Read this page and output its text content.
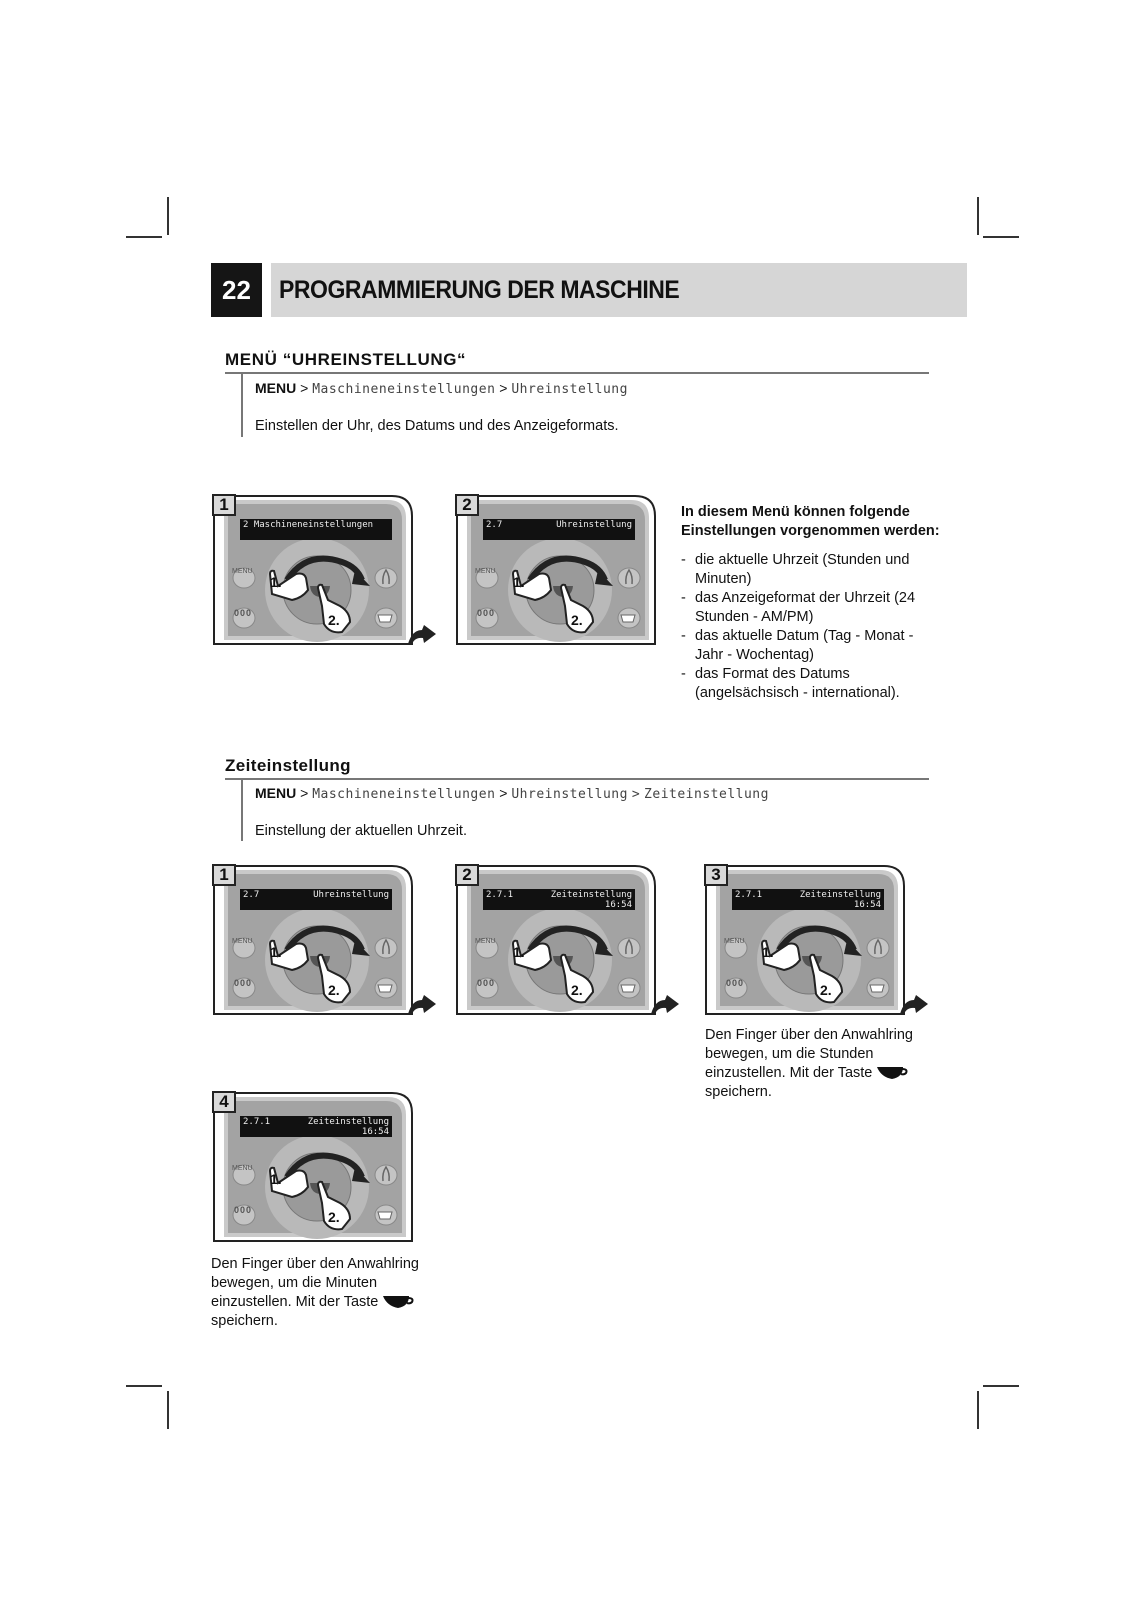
22	PROGRAMMIERUNG DER MASCHINE
MENÜ “UHREINSTELLUNG“
MENU > Maschineneinstellungen > Uhreinstellung
Einstellen der Uhr, des Datums und des Anzeigeformats.
1
2 Maschineneinstellungen
MENU
000
1.
2.
2
2.7	Uhreinstellung
MENU
000
1.
2.
In diesem Menü können folgende Einstellungen vorgenommen werden:
- die aktuelle Uhrzeit (Stunden und Minuten)
- das Anzeigeformat der Uhrzeit (24 Stunden - AM/PM)
- das aktuelle Datum (Tag - Monat - Jahr - Wochentag)
- das Format des Datums (angelsächsisch - international).
Zeiteinstellung
MENU > Maschineneinstellungen > Uhreinstellung > Zeiteinstellung
Einstellung der aktuellen Uhrzeit.
1
2.7	Uhreinstellung
MENU
000
1.
2.
2
2.7.1	Zeiteinstellung
16:54
MENU
000
1.
2.
3
2.7.1	Zeiteinstellung
16:54
MENU
000
1.
2.
4
2.7.1	Zeiteinstellung
16:54
MENU
000
1.
2.
Den Finger über den Anwahlring bewegen, um die Stunden einzustellen. Mit der Taste  speichern.
Den Finger über den Anwahlring bewegen, um die Minuten einzustellen. Mit der Taste  speichern.
